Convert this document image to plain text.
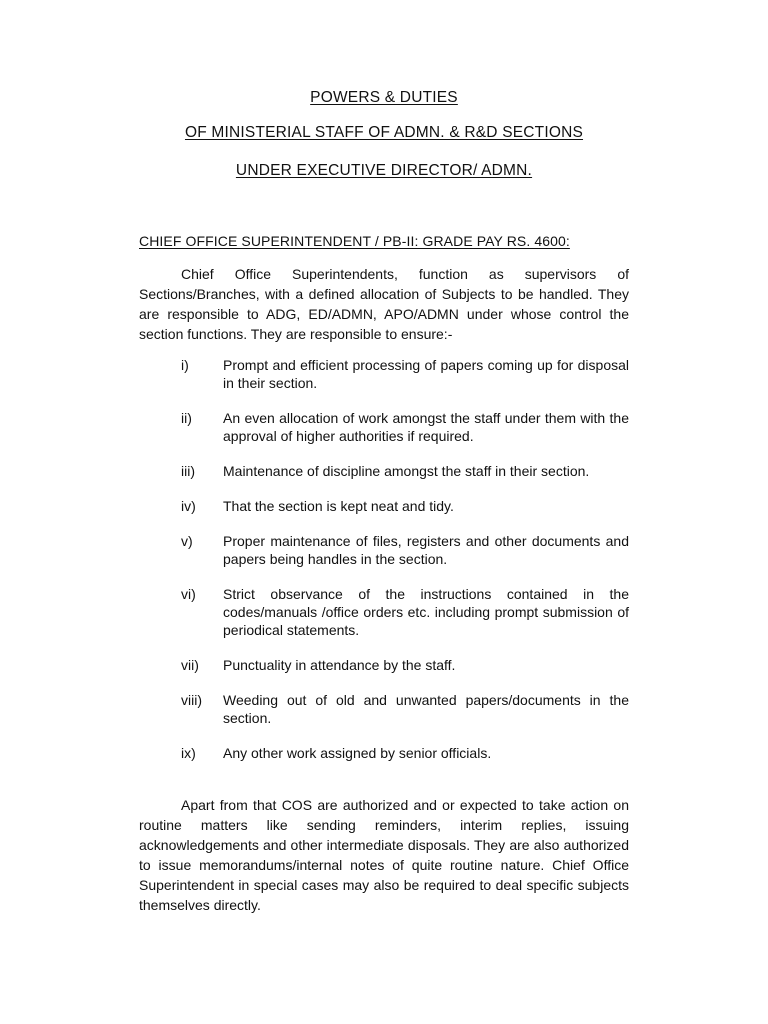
POWERS & DUTIES
OF MINISTERIAL STAFF OF ADMN. & R&D SECTIONS
UNDER EXECUTIVE DIRECTOR/ ADMN.
CHIEF OFFICE SUPERINTENDENT / PB-II: GRADE PAY RS. 4600:

Chief Office Superintendents, function as supervisors of Sections/Branches, with a defined allocation of Subjects to be handled. They are responsible to ADG, ED/ADMN, APO/ADMN under whose control the section functions. They are responsible to ensure:-

i)	Prompt and efficient processing of papers coming up for disposal in their section.
ii)	An even allocation of work amongst the staff under them with the approval of higher authorities if required.
iii)	Maintenance of discipline amongst the staff in their section.
iv)	That the section is kept neat and tidy.
v)	Proper maintenance of files, registers and other documents and papers being handles in the section.
vi)	Strict observance of the instructions contained in the codes/manuals /office orders etc. including prompt submission of periodical statements.
vii)	Punctuality in attendance by the staff.
viii)	Weeding out of old and unwanted papers/documents in the section.
ix)	Any other work assigned by senior officials.

Apart from that COS are authorized and or expected to take action on routine matters like sending reminders, interim replies, issuing acknowledgements and other intermediate disposals. They are also authorized to issue memorandums/internal notes of quite routine nature. Chief Office Superintendent in special cases may also be required to deal specific subjects themselves directly.
